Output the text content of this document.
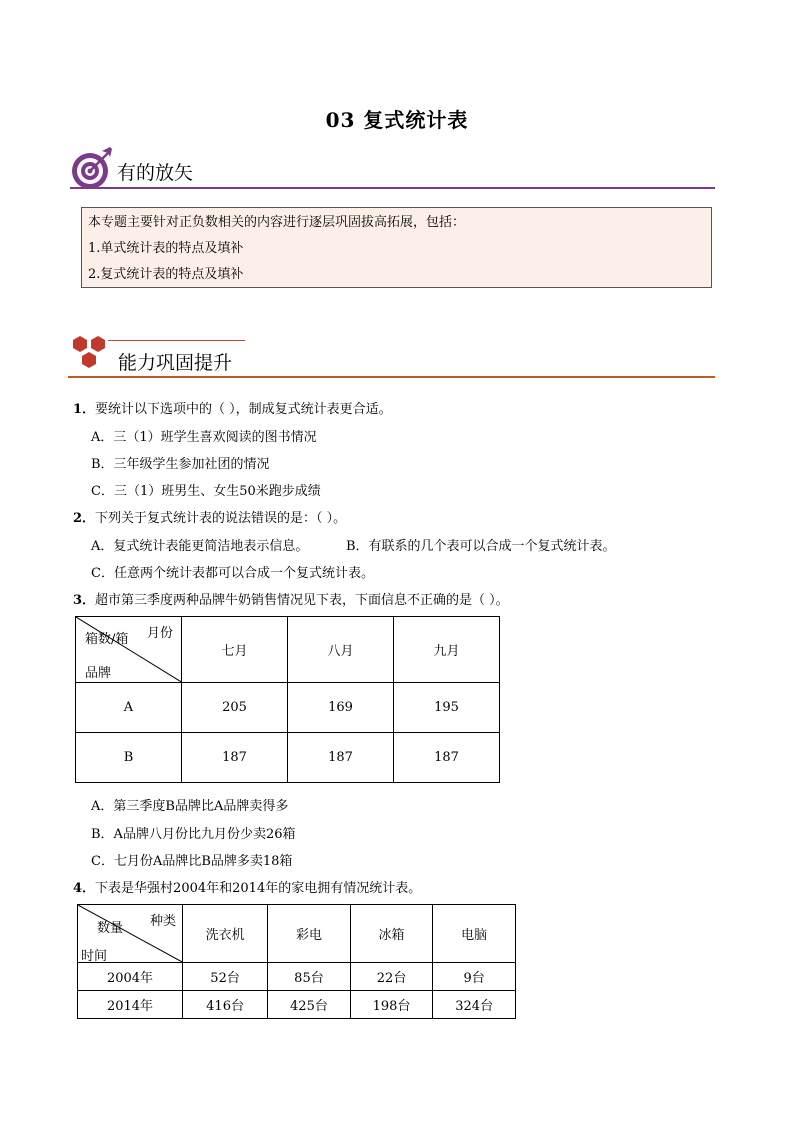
03 复式统计表
有的放矢
本专题主要针对正负数相关的内容进行逐层巩固拔高拓展，包括：
1.单式统计表的特点及填补
2.复式统计表的特点及填补
能力巩固提升
1．要统计以下选项中的（ ），制成复式统计表更合适。
A．三（1）班学生喜欢阅读的图书情况
B．三年级学生参加社团的情况
C．三（1）班男生、女生50米跑步成绩
2．下列关于复式统计表的说法错误的是：（ ）。
A．复式统计表能更简洁地表示信息。	B．有联系的几个表可以合成一个复式统计表。
C．任意两个统计表都可以合成一个复式统计表。
3．超市第三季度两种品牌牛奶销售情况见下表，下面信息不正确的是（ ）。
月份
箱数/箱
品牌	七月	八月	九月
A	205	169	195
B	187	187	187
A．第三季度B品牌比A品牌卖得多
B．A品牌八月份比九月份少卖26箱
C．七月份A品牌比B品牌多卖18箱
4．下表是华强村2004年和2014年的家电拥有情况统计表。
种类
数量
时间	洗衣机	彩电	冰箱	电脑
2004年	52台	85台	22台	9台
2014年	416台	425台	198台	324台
